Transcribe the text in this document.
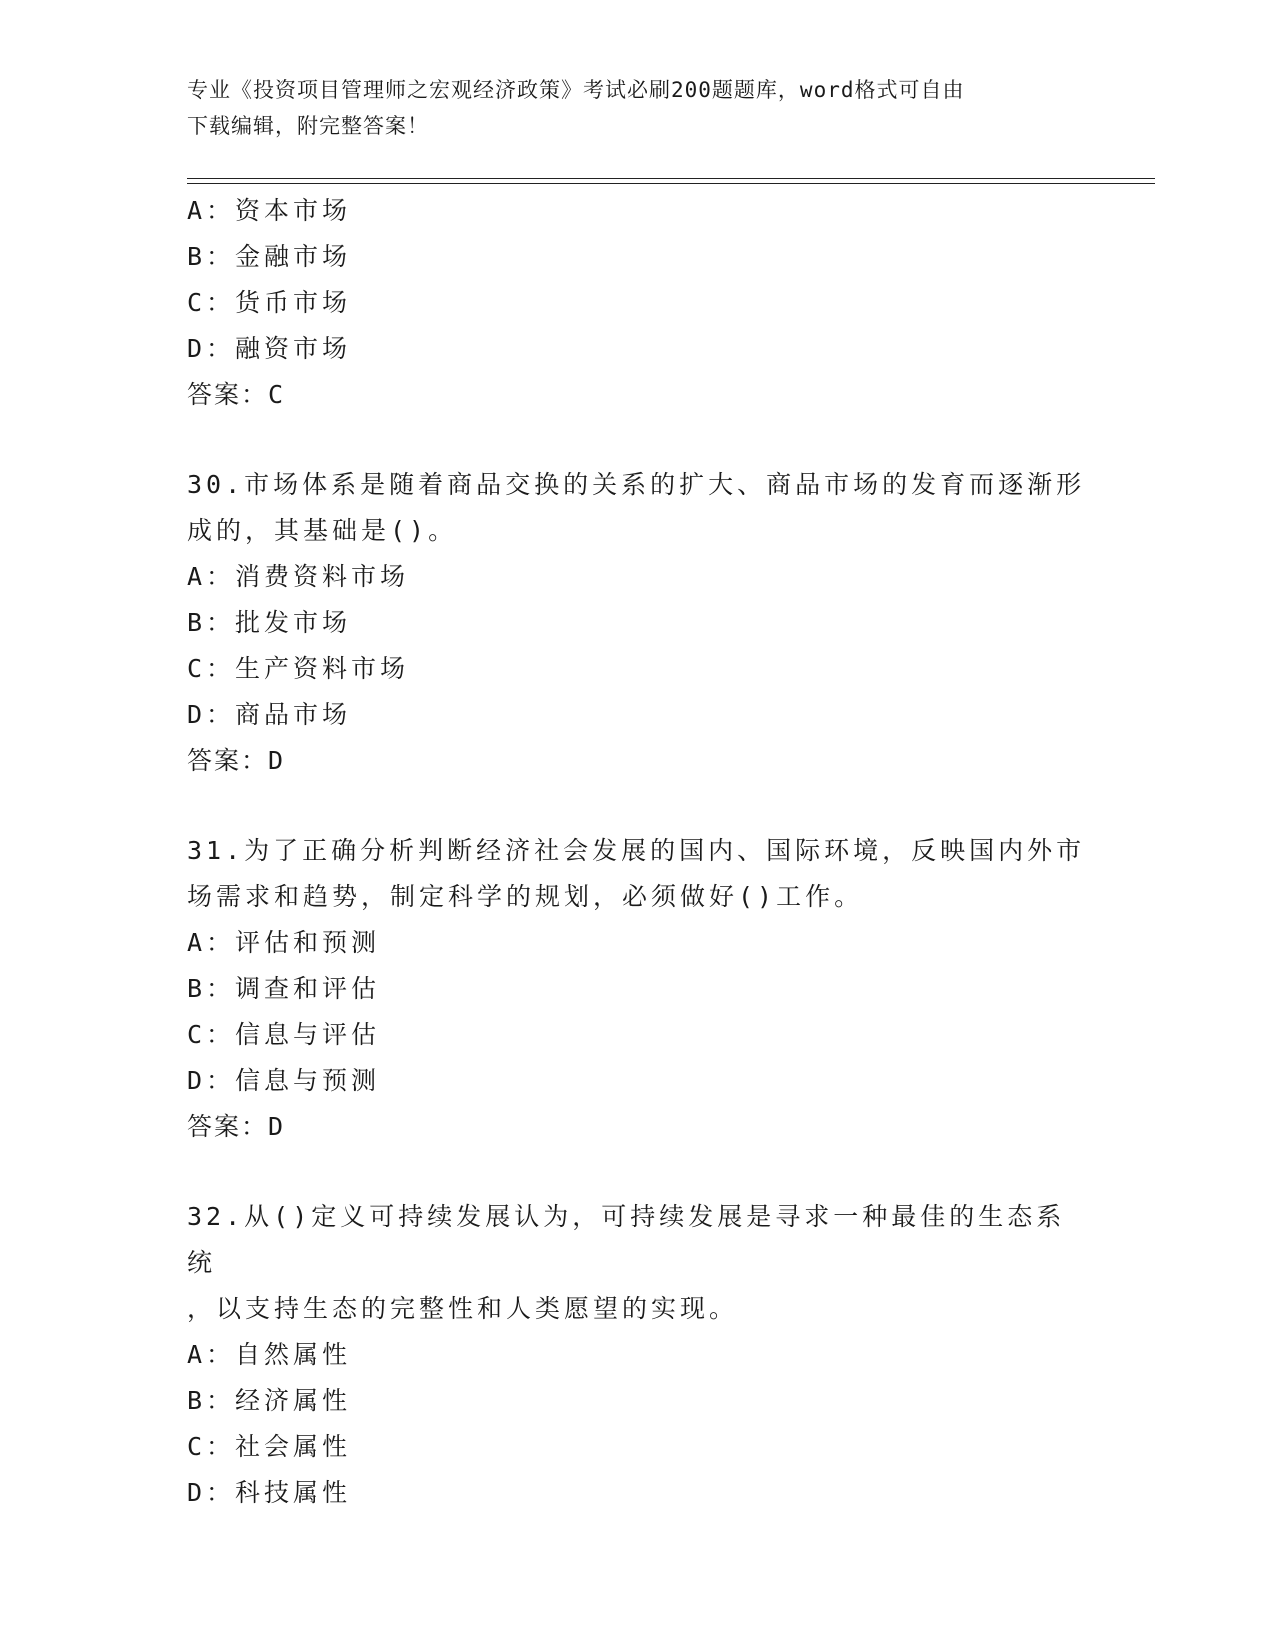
专业《投资项目管理师之宏观经济政策》考试必刷200题题库，word格式可自由
下载编辑，附完整答案！
A：资本市场
B：金融市场
C：货币市场
D：融资市场
答案：C
30.市场体系是随着商品交换的关系的扩大、商品市场的发育而逐渐形
成的，其基础是()。
A：消费资料市场
B：批发市场
C：生产资料市场
D：商品市场
答案：D
31.为了正确分析判断经济社会发展的国内、国际环境，反映国内外市
场需求和趋势，制定科学的规划，必须做好()工作。
A：评估和预测
B：调查和评估
C：信息与评估
D：信息与预测
答案：D
32.从()定义可持续发展认为，可持续发展是寻求一种最佳的生态系统
，以支持生态的完整性和人类愿望的实现。
A：自然属性
B：经济属性
C：社会属性
D：科技属性
